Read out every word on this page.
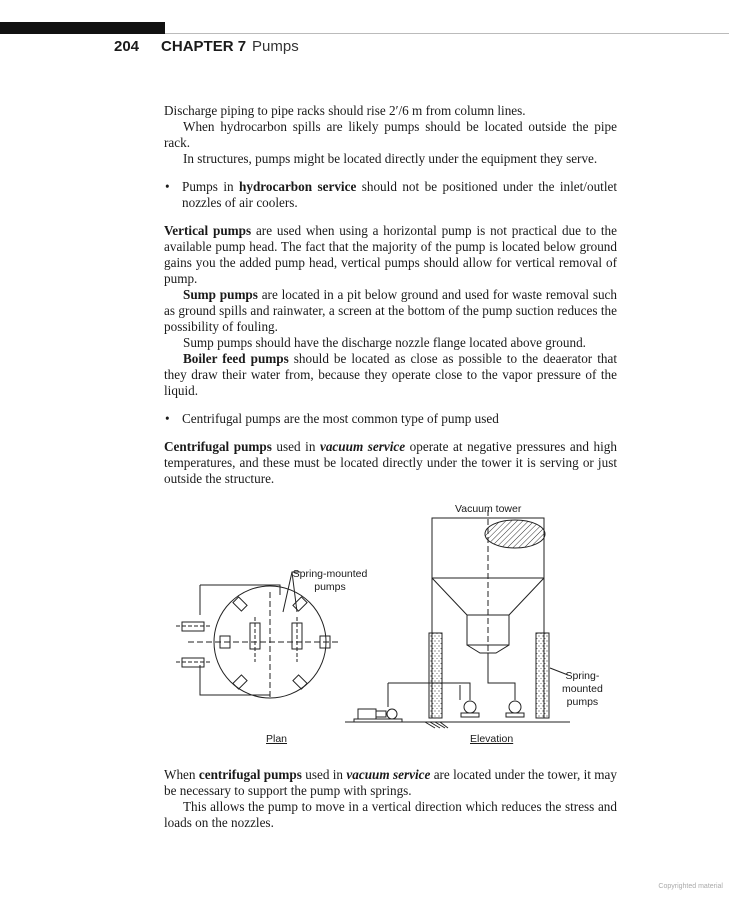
204 CHAPTER 7 Pumps

Discharge piping to pipe racks should rise 2′/6 m from column lines.

When hydrocarbon spills are likely pumps should be located outside the pipe rack.

In structures, pumps might be located directly under the equipment they serve.

• Pumps in hydrocarbon service should not be positioned under the inlet/outlet nozzles of air coolers.

Vertical pumps are used when using a horizontal pump is not practical due to the available pump head. The fact that the majority of the pump is located below ground gains you the added pump head, vertical pumps should allow for vertical removal of pump.

Sump pumps are located in a pit below ground and used for waste removal such as ground spills and rainwater, a screen at the bottom of the pump suction reduces the possibility of fouling.

Sump pumps should have the discharge nozzle flange located above ground.

Boiler feed pumps should be located as close as possible to the deaerator that they draw their water from, because they operate close to the vapor pressure of the liquid.

• Centrifugal pumps are the most common type of pump used

Centrifugal pumps used in vacuum service operate at negative pressures and high temperatures, and these must be located directly under the tower it is serving or just outside the structure.

Vacuum tower
Spring-mounted pumps
Spring-
mounted
pumps
Plan	Elevation

When centrifugal pumps used in vacuum service are located under the tower, it may be necessary to support the pump with springs.

This allows the pump to move in a vertical direction which reduces the stress and loads on the nozzles.

Copyrighted material
